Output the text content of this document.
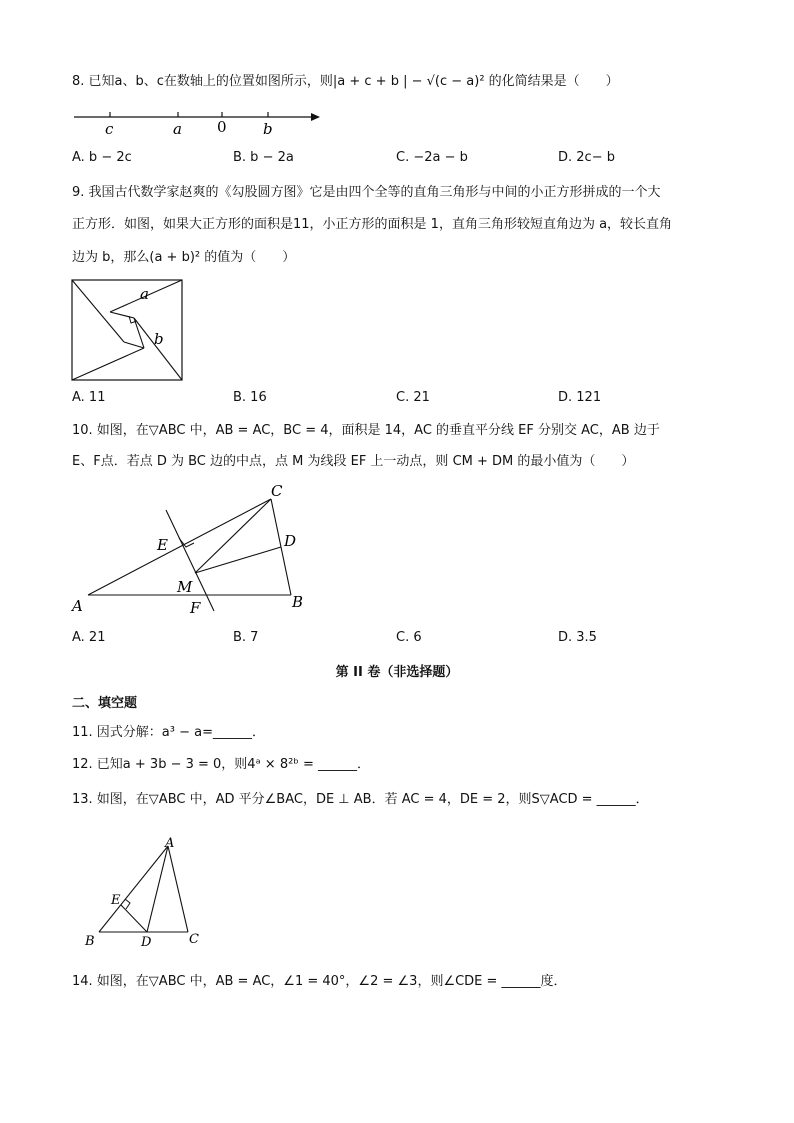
8. 已知a、b、c在数轴上的位置如图所示，则|a + c + b | − √(c − a)² 的化简结果是（　　）
c	a 0 b
A. b − 2c	B. b − 2a	C. −2a − b	D. 2c− b
9. 我国古代数学家赵爽的《勾股圆方图》它是由四个全等的直角三角形与中间的小正方形拼成的一个大
正方形．如图，如果大正方形的面积是11，小正方形的面积是 1，直角三角形较短直角边为 a，较长直角
边为 b，那么(a + b)² 的值为（　　）
a
b
A. 11	B. 16	C. 21	D. 121
10. 如图，在▽ABC 中，AB = AC，BC = 4，面积是 14，AC 的垂直平分线 EF 分别交 AC，AB 边于
E、F点．若点 D 为 BC 边的中点，点 M 为线段 EF 上一动点，则 CM + DM 的最小值为（　　）
C
D
E
M
A	F	B
A. 21	B. 7	C. 6	D. 3.5
第 II 卷（非选择题）
二、填空题
11. 因式分解：a³ − a=______．
12. 已知a + 3b − 3 = 0，则4ᵃ × 8²ᵇ = ______．
13. 如图，在▽ABC 中，AD 平分∠BAC，DE ⊥ AB．若 AC = 4，DE = 2，则S▽ACD = ______．
A
E
B	D	C
14. 如图，在▽ABC 中，AB = AC，∠1 = 40°，∠2 = ∠3，则∠CDE = ______度．
